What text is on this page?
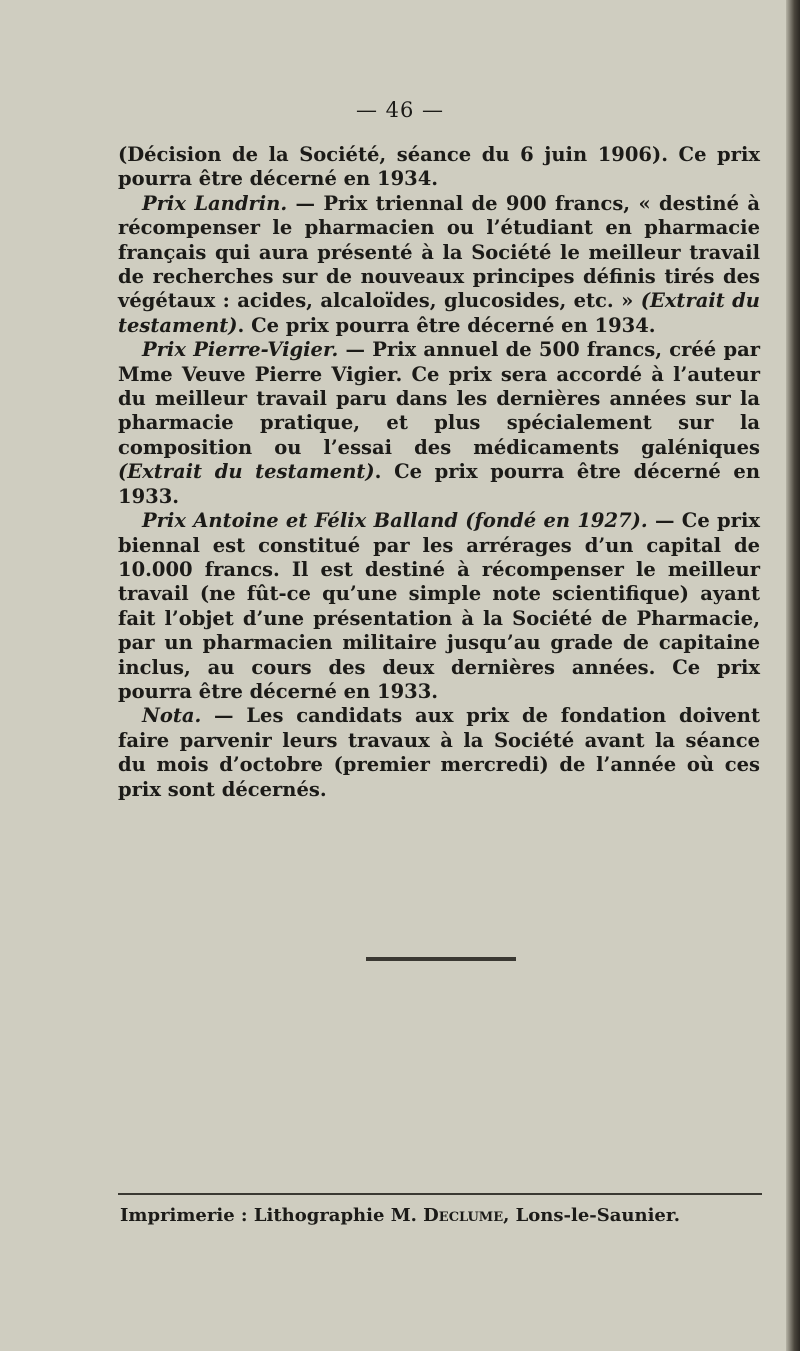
— 46 —

(Décision de la Société, séance du 6 juin 1906). Ce prix pourra être décerné en 1934.

Prix Landrin. — Prix triennal de 900 francs, « destiné à récompenser le pharmacien ou l’étudiant en pharmacie français qui aura présenté à la Société le meilleur travail de recherches sur de nouveaux principes définis tirés des végétaux : acides, alcaloïdes, glucosides, etc. » (Extrait du testament). Ce prix pourra être décerné en 1934.

Prix Pierre-Vigier. — Prix annuel de 500 francs, créé par Mme Veuve Pierre Vigier. Ce prix sera accordé à l’auteur du meilleur travail paru dans les dernières années sur la pharmacie pratique, et plus spécialement sur la composition ou l’essai des médicaments galéniques (Extrait du testament). Ce prix pourra être décerné en 1933.

Prix Antoine et Félix Balland (fondé en 1927). — Ce prix biennal est constitué par les arrérages d’un capital de 10.000 francs. Il est destiné à récompenser le meilleur travail (ne fût-ce qu’une simple note scientifique) ayant fait l’objet d’une présentation à la Société de Pharmacie, par un pharmacien militaire jusqu’au grade de capitaine inclus, au cours des deux dernières années. Ce prix pourra être décerné en 1933.

Nota. — Les candidats aux prix de fondation doivent faire parvenir leurs travaux à la Société avant la séance du mois d’octobre (premier mercredi) de l’année où ces prix sont décernés.

Imprimerie : Lithographie M. Declume, Lons-le-Saunier.
